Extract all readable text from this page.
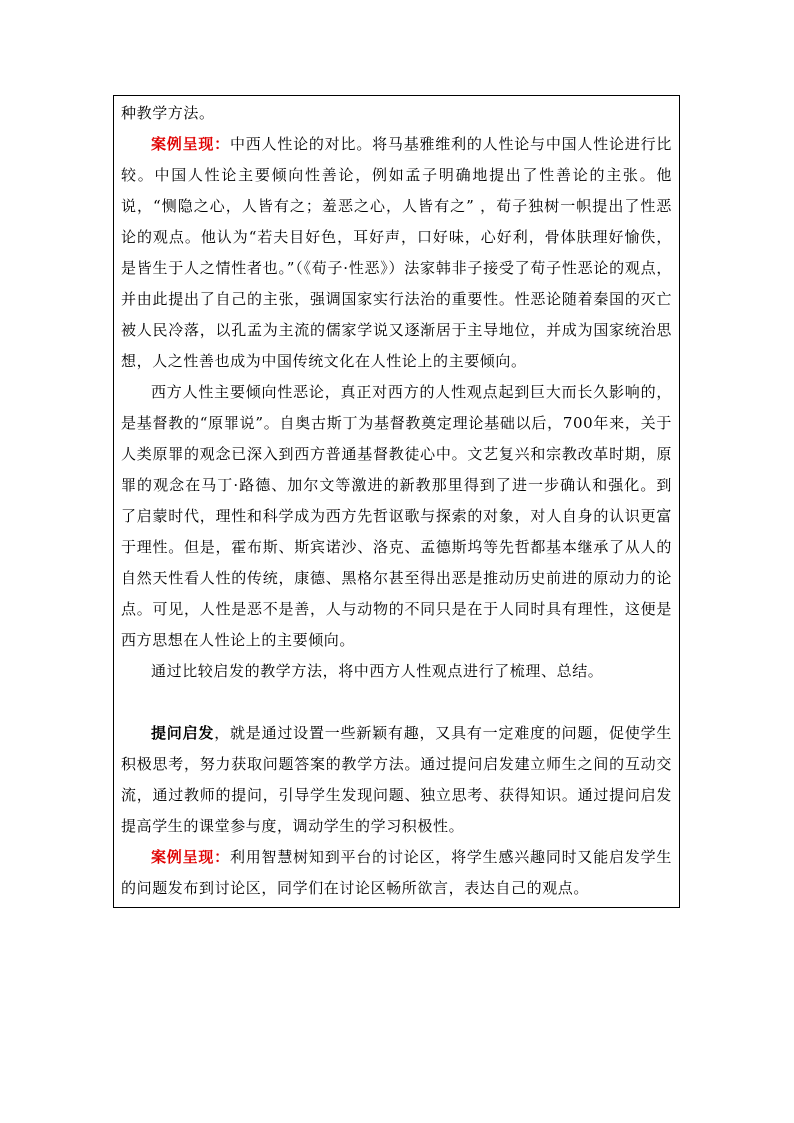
种教学方法。

案例呈现：中西人性论的对比。将马基雅维利的人性论与中国人性论进行比较。中国人性论主要倾向性善论，例如孟子明确地提出了性善论的主张。他说，“恻隐之心，人皆有之；羞恶之心，人皆有之” ，荀子独树一帜提出了性恶论的观点。他认为“若夫目好色，耳好声，口好味，心好利，骨体肤理好愉佚，是皆生于人之情性者也。”（《荀子·性恶》）法家韩非子接受了荀子性恶论的观点，并由此提出了自己的主张，强调国家实行法治的重要性。性恶论随着秦国的灭亡被人民冷落，以孔孟为主流的儒家学说又逐渐居于主导地位，并成为国家统治思想，人之性善也成为中国传统文化在人性论上的主要倾向。

西方人性主要倾向性恶论，真正对西方的人性观点起到巨大而长久影响的，是基督教的“原罪说”。自奥古斯丁为基督教奠定理论基础以后，700年来，关于人类原罪的观念已深入到西方普通基督教徒心中。文艺复兴和宗教改革时期，原罪的观念在马丁·路德、加尔文等激进的新教那里得到了进一步确认和强化。到了启蒙时代，理性和科学成为西方先哲讴歌与探索的对象，对人自身的认识更富于理性。但是，霍布斯、斯宾诺沙、洛克、孟德斯坞等先哲都基本继承了从人的自然天性看人性的传统，康德、黑格尔甚至得出恶是推动历史前进的原动力的论点。可见，人性是恶不是善，人与动物的不同只是在于人同时具有理性，这便是西方思想在人性论上的主要倾向。

通过比较启发的教学方法，将中西方人性观点进行了梳理、总结。

提问启发，就是通过设置一些新颖有趣，又具有一定难度的问题，促使学生积极思考，努力获取问题答案的教学方法。通过提问启发建立师生之间的互动交流，通过教师的提问，引导学生发现问题、独立思考、获得知识。通过提问启发提高学生的课堂参与度，调动学生的学习积极性。

案例呈现：利用智慧树知到平台的讨论区，将学生感兴趣同时又能启发学生的问题发布到讨论区，同学们在讨论区畅所欲言，表达自己的观点。
